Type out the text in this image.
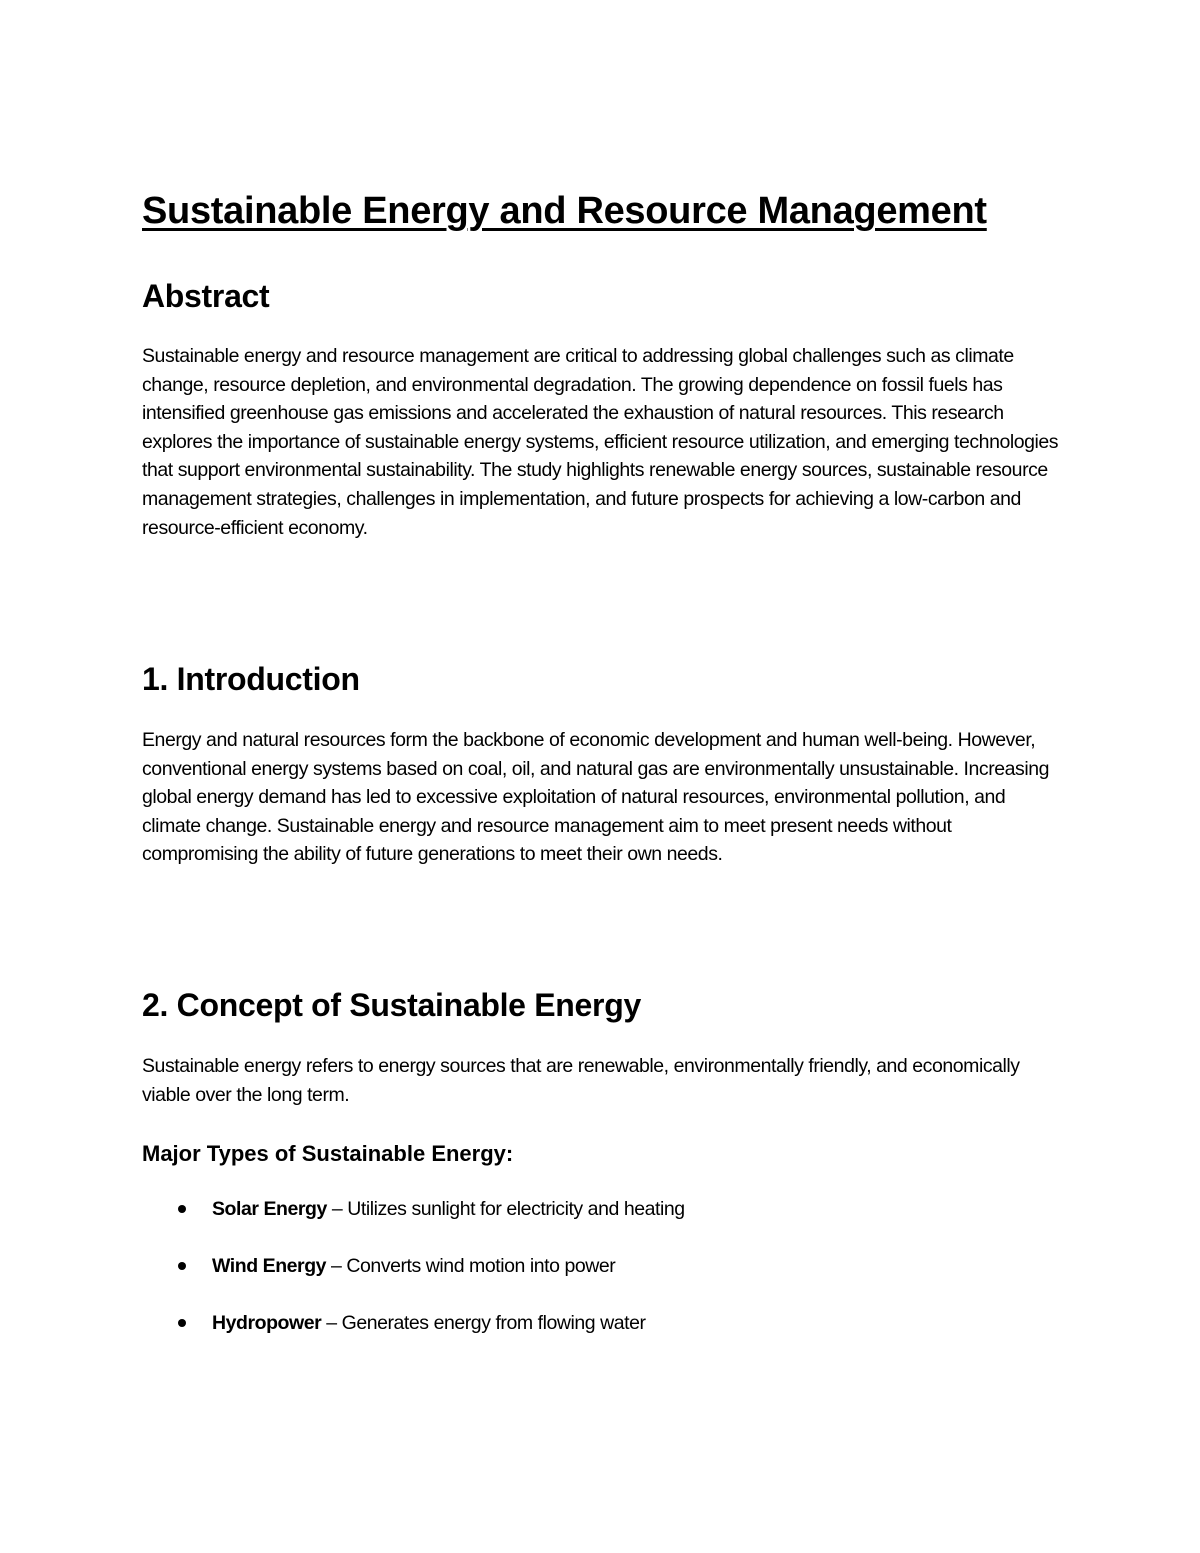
Sustainable Energy and Resource Management
Abstract

Sustainable energy and resource management are critical to addressing global challenges such as climate change, resource depletion, and environmental degradation. The growing dependence on fossil fuels has intensified greenhouse gas emissions and accelerated the exhaustion of natural resources. This research explores the importance of sustainable energy systems, efficient resource utilization, and emerging technologies that support environmental sustainability. The study highlights renewable energy sources, sustainable resource management strategies, challenges in implementation, and future prospects for achieving a low-carbon and resource-efficient economy.

1. Introduction

Energy and natural resources form the backbone of economic development and human well-being. However, conventional energy systems based on coal, oil, and natural gas are environmentally unsustainable. Increasing global energy demand has led to excessive exploitation of natural resources, environmental pollution, and climate change. Sustainable energy and resource management aim to meet present needs without compromising the ability of future generations to meet their own needs.

2. Concept of Sustainable Energy

Sustainable energy refers to energy sources that are renewable, environmentally friendly, and economically viable over the long term.

Major Types of Sustainable Energy:
Solar Energy – Utilizes sunlight for electricity and heating
Wind Energy – Converts wind motion into power
Hydropower – Generates energy from flowing water
